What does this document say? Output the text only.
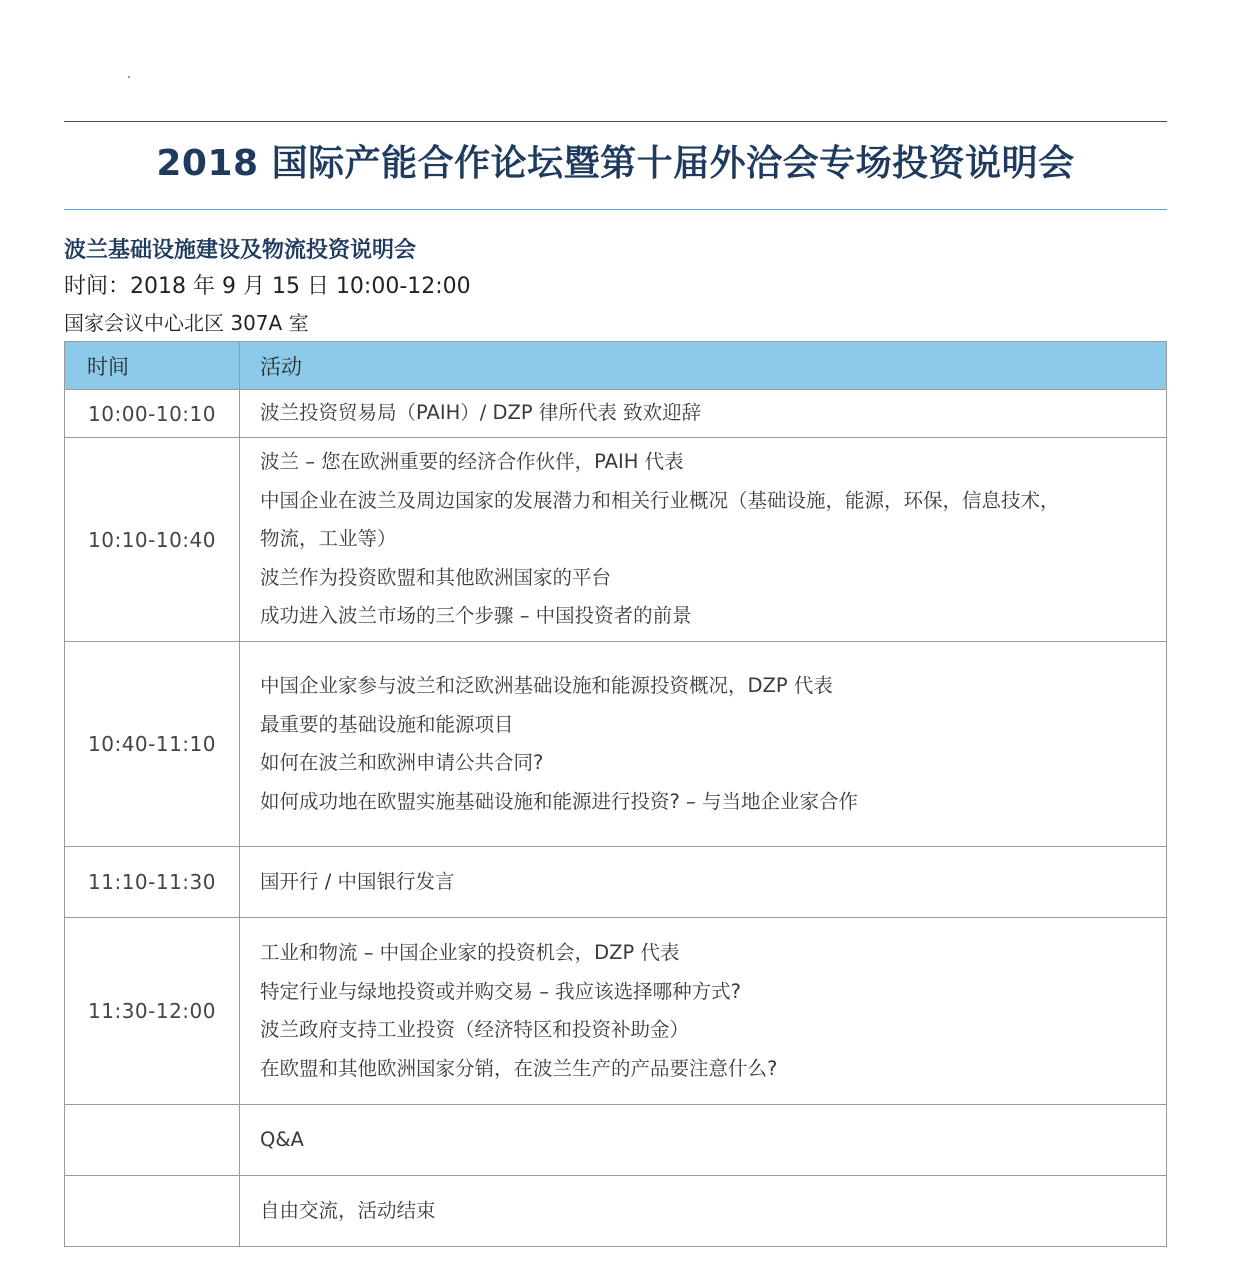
2018 国际产能合作论坛暨第十届外洽会专场投资说明会
波兰基础设施建设及物流投资说明会
时间：2018 年 9 月 15 日 10:00-12:00
国家会议中心北区 307A 室
时间	活动
10:00-10:10	波兰投资贸易局（PAIH）/ DZP 律所代表 致欢迎辞

10:10-10:40	波兰 – 您在欧洲重要的经济合作伙伴，PAIH 代表
中国企业在波兰及周边国家的发展潜力和相关行业概况（基础设施，能源，环保，信息技术，
物流，工业等）
波兰作为投资欧盟和其他欧洲国家的平台
成功进入波兰市场的三个步骤 – 中国投资者的前景

10:40-11:10	中国企业家参与波兰和泛欧洲基础设施和能源投资概况，DZP 代表
最重要的基础设施和能源项目
如何在波兰和欧洲申请公共合同?
如何成功地在欧盟实施基础设施和能源进行投资? – 与当地企业家合作

11:10-11:30	国开行 / 中国银行发言

11:30-12:00	工业和物流 – 中国企业家的投资机会，DZP 代表
特定行业与绿地投资或并购交易 – 我应该选择哪种方式?
波兰政府支持工业投资（经济特区和投资补助金）
在欧盟和其他欧洲国家分销，在波兰生产的产品要注意什么?

	Q&A

	自由交流，活动结束
